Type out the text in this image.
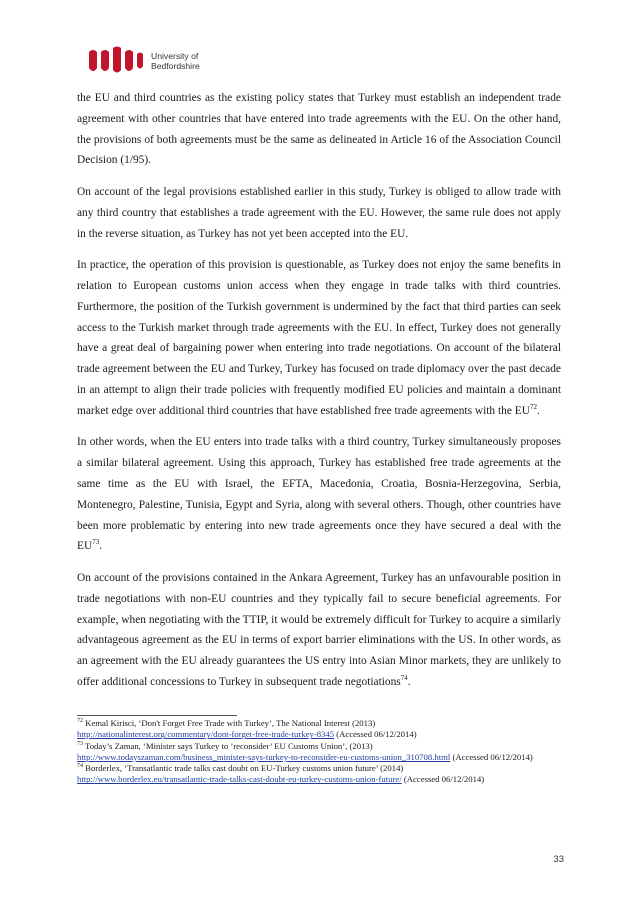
University of
Bedfordshire

the EU and third countries as the existing policy states that Turkey must establish an independent trade agreement with other countries that have entered into trade agreements with the EU. On the other hand, the provisions of both agreements must be the same as delineated in Article 16 of the Association Council Decision (1/95).

On account of the legal provisions established earlier in this study, Turkey is obliged to allow trade with any third country that establishes a trade agreement with the EU. However, the same rule does not apply in the reverse situation, as Turkey has not yet been accepted into the EU.

In practice, the operation of this provision is questionable, as Turkey does not enjoy the same benefits in relation to European customs union access when they engage in trade talks with third countries. Furthermore, the position of the Turkish government is undermined by the fact that third parties can seek access to the Turkish market through trade agreements with the EU. In effect, Turkey does not generally have a great deal of bargaining power when entering into trade negotiations. On account of the bilateral trade agreement between the EU and Turkey, Turkey has focused on trade diplomacy over the past decade in an attempt to align their trade policies with frequently modified EU policies and maintain a dominant market edge over additional third countries that have established free trade agreements with the EU$^{72}$.

In other words, when the EU enters into trade talks with a third country, Turkey simultaneously proposes a similar bilateral agreement. Using this approach, Turkey has established free trade agreements at the same time as the EU with Israel, the EFTA, Macedonia, Croatia, Bosnia-Herzegovina, Serbia, Montenegro, Palestine, Tunisia, Egypt and Syria, along with several others. Though, other countries have been more problematic by entering into new trade agreements once they have secured a deal with the EU$^{73}$.

On account of the provisions contained in the Ankara Agreement, Turkey has an unfavourable position in trade negotiations with non-EU countries and they typically fail to secure beneficial agreements. For example, when negotiating with the TTIP, it would be extremely difficult for Turkey to acquire a similarly advantageous agreement as the EU in terms of export barrier eliminations with the US. In other words, as an agreement with the EU already guarantees the US entry into Asian Minor markets, they are unlikely to offer additional concessions to Turkey in subsequent trade negotiations$^{74}$.

$^{72}$ Kemal Kirisci, ‘Don't Forget Free Trade with Turkey’, The National Interest (2013)
http://nationalinterest.org/commentary/dont-forget-free-trade-turkey-8345 (Accessed 06/12/2014)
$^{73}$ Today’s Zaman, ‘Minister says Turkey to ’reconsider’ EU Customs Union’, (2013)
http://www.todayszaman.com/business_minister-says-turkey-to-reconsider-eu-customs-union_310708.html (Accessed 06/12/2014)
$^{74}$ Borderlex, ‘Transatlantic trade talks cast doubt on EU-Turkey customs union future’ (2014)
http://www.borderlex.eu/transatlantic-trade-talks-cast-doubt-eu-turkey-customs-union-future/ (Accessed 06/12/2014)
33
